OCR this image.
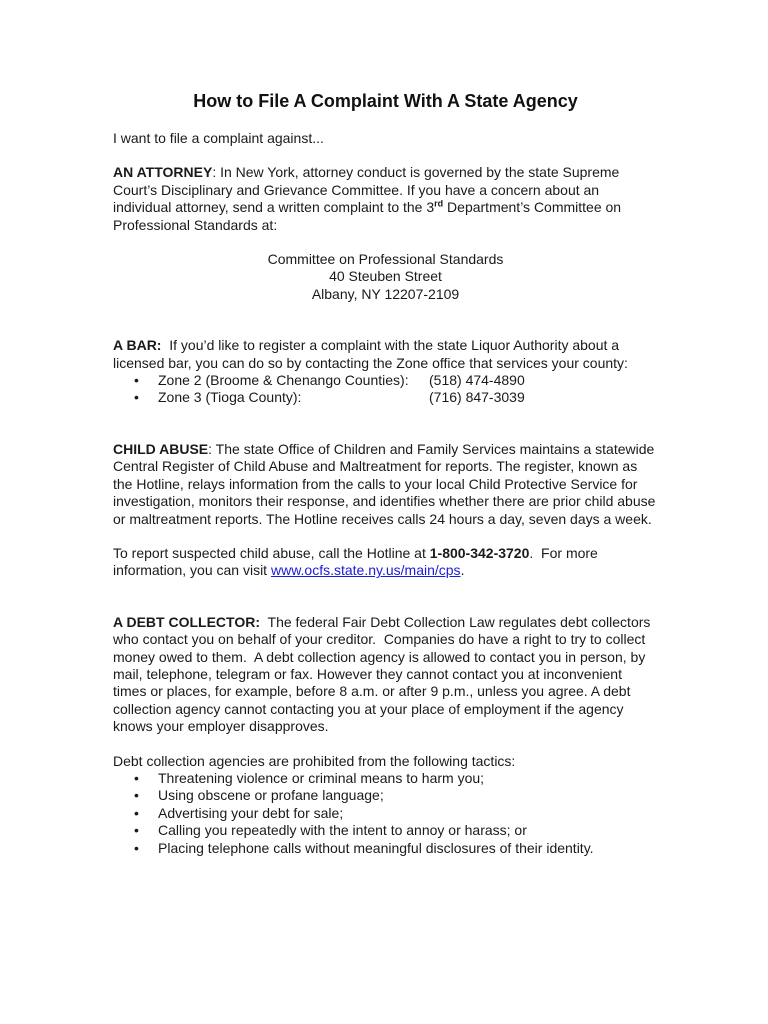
How to File A Complaint With A State Agency

I want to file a complaint against...

AN ATTORNEY: In New York, attorney conduct is governed by the state Supreme Court’s Disciplinary and Grievance Committee. If you have a concern about an individual attorney, send a written complaint to the 3rd Department’s Committee on Professional Standards at:

Committee on Professional Standards

40 Steuben Street

Albany, NY 12207-2109

A BAR:  If you’d like to register a complaint with the state Liquor Authority about a licensed bar, you can do so by contacting the Zone office that services your county:

• Zone 2 (Broome & Chenango Counties): (518) 474-4890
• Zone 3 (Tioga County):	(716) 847-3039

CHILD ABUSE: The state Office of Children and Family Services maintains a statewide Central Register of Child Abuse and Maltreatment for reports. The register, known as the Hotline, relays information from the calls to your local Child Protective Service for investigation, monitors their response, and identifies whether there are prior child abuse or maltreatment reports. The Hotline receives calls 24 hours a day, seven days a week.

To report suspected child abuse, call the Hotline at 1-800-342-3720.  For more information, you can visit www.ocfs.state.ny.us/main/cps.

A DEBT COLLECTOR:  The federal Fair Debt Collection Law regulates debt collectors who contact you on behalf of your creditor.  Companies do have a right to try to collect money owed to them.  A debt collection agency is allowed to contact you in person, by mail, telephone, telegram or fax. However they cannot contact you at inconvenient times or places, for example, before 8 a.m. or after 9 p.m., unless you agree. A debt collection agency cannot contacting you at your place of employment if the agency knows your employer disapproves.

Debt collection agencies are prohibited from the following tactics:

• Threatening violence or criminal means to harm you;
• Using obscene or profane language;
• Advertising your debt for sale;
• Calling you repeatedly with the intent to annoy or harass; or
• Placing telephone calls without meaningful disclosures of their identity.
